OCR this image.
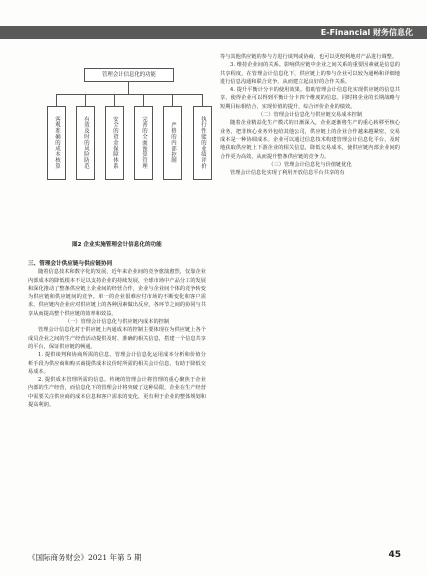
E-Financial 财务信息化
管理会计信息化的功能
客观准确的成本核算	有效及时的风险防范	安全的资金保障体系	完善的全面预算管理	严格的内部控制	执行性能的业绩评价
图2 企业实施管理会计信息化的功能

三、管理会计供应链与供应链协同

随着信息技术和数字化的发展，近年来企业间的竞争愈演愈烈，仅靠企业内部成本的降低根本不足以支持企业的持续发展，全球市场中产品分工的发展和深化推动了整条供应链上企业间的经营合作，企业与企业间个体的竞争转变为供应链和供应链间的竞争。单一的企业很难应付市场的不断变化和客户需求，供应链内企业应对供应链上的各种因素做出反应，各环节之间的协同与共享从而提高整个供应链的效率和效益。

（一）管理会计信息化与供应链内成本的控制

管理会计信息化对于供应链上内通成本的控制主要体现在为供应链上各个成员企业之间的生产经营活动提供及时、准确的相关信息，搭建一个信息共享的平台，保证供应链的畅通。

1. 提供谈判和协商所需的信息。管理会计信息化运用成本分析和价值分析手段为供应商和购买商提供成本议价时所需的相关会计信息，有助于降低交易成本。

2. 提供成本管理所需的信息。传统的管理会计将管理的重心聚焦于企业内部的生产经营，而信息化下的管理会计将突破了这种局限，企业在生产经营中需要关注供应商的成本信息和客户需求的变化，更有利于企业的整体规划和提高利润。

等与其他供应链的参与方进行谈判或协商，也可以更便利地对产品进行调整。

3. 维持企业间的关系。影响供应链中企业之间关系的重要因素就是信息的共享程度，在管理会计信息化下，供应链上的参与企业可以较为通畅和详细地进行信息沟通和联合竞争，从而建立起良好的合作关系。

4. 提升平衡计分卡的使用效果。借助管理会计信息化实现供应链的信息共享，使得企业可以得到平衡计分卡四个维度的信息。同时将企业的长期战略与短期目标相结合，实现价值的提升，综合评价企业的绩效。

（二）管理会计信息化与供应链交易成本控制

随着企业精益化生产模式的日渐深入，企业逐渐将生产的重心转移至核心业务，把非核心业务外包给其他公司，供应链上的企业合作越来越紧密，交易成本是一种协调成本。企业可以通过信息技术构建管理会计信息化平台，及时地获取供应链上下游企业的相关信息，降低交易成本，使供应链内部企业间的合作更为高效，从而提升整条供应链的竞争力。

（三）管理会计信息化与价值链优化

管理会计信息化实现了利用开放信息平台共享的有

《国际商务财会》2021 年第 5 期	45
